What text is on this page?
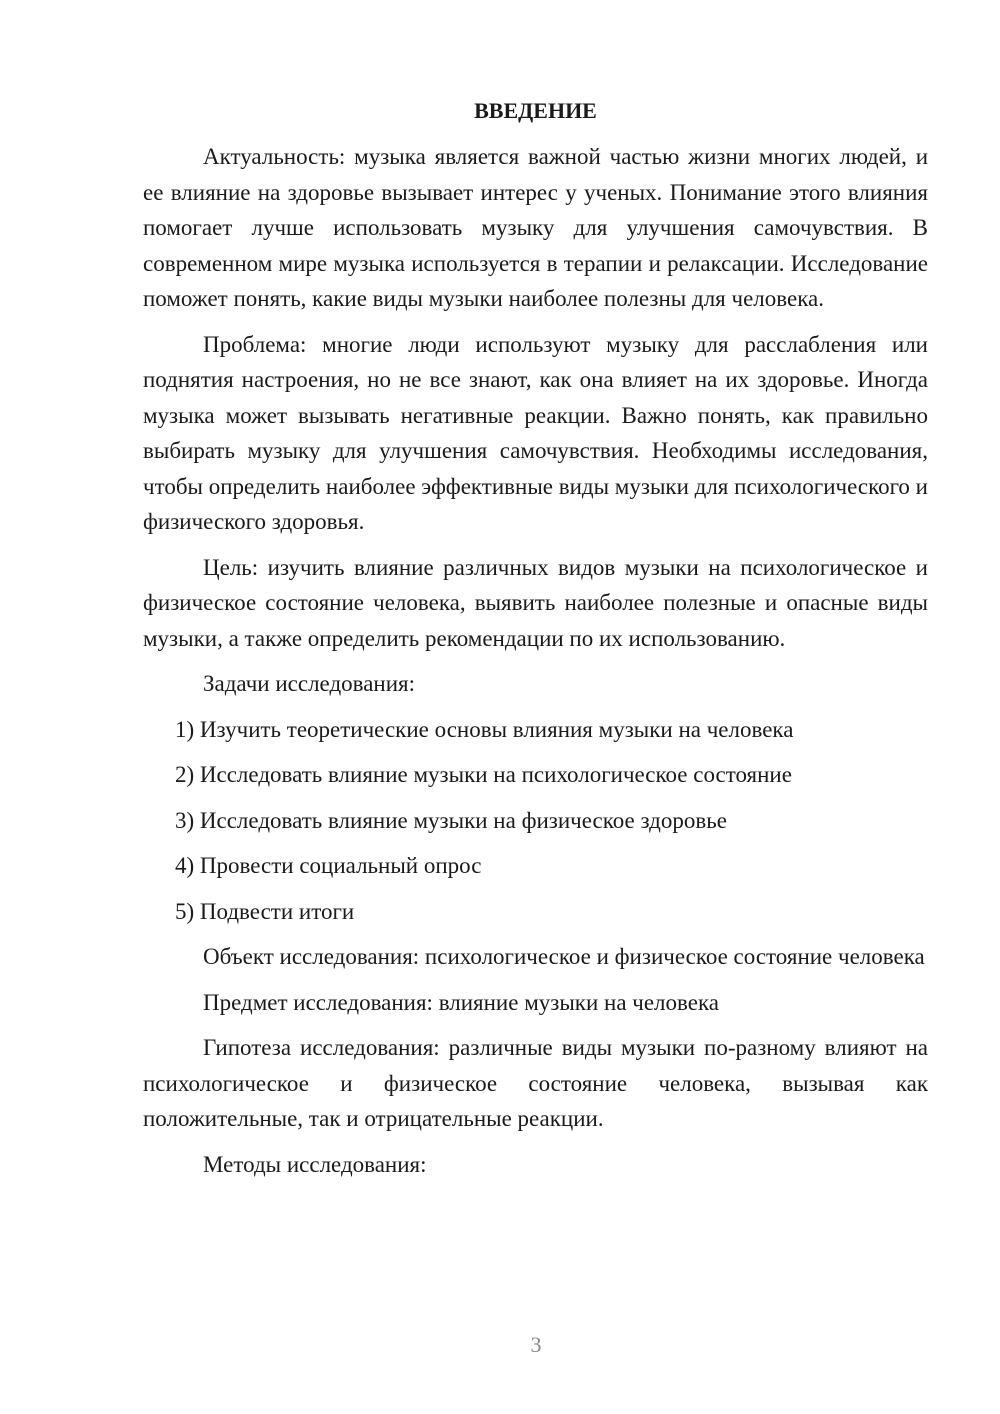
ВВЕДЕНИЕ

Актуальность: музыка является важной частью жизни многих людей, и ее влияние на здоровье вызывает интерес у ученых. Понимание этого влияния помогает лучше использовать музыку для улучшения самочувствия. В современном мире музыка используется в терапии и релаксации. Исследование поможет понять, какие виды музыки наиболее полезны для человека.

Проблема: многие люди используют музыку для расслабления или поднятия настроения, но не все знают, как она влияет на их здоровье. Иногда музыка может вызывать негативные реакции. Важно понять, как правильно выбирать музыку для улучшения самочувствия. Необходимы исследования, чтобы определить наиболее эффективные виды музыки для психологического и физического здоровья.

Цель: изучить влияние различных видов музыки на психологическое и физическое состояние человека, выявить наиболее полезные и опасные виды музыки, а также определить рекомендации по их использованию.

Задачи исследования:

1) Изучить теоретические основы влияния музыки на человека
2) Исследовать влияние музыки на психологическое состояние
3) Исследовать влияние музыки на физическое здоровье
4) Провести социальный опрос
5) Подвести итоги

Объект исследования: психологическое и физическое состояние человека

Предмет исследования: влияние музыки на человека

Гипотеза исследования: различные виды музыки по-разному влияют на психологическое и физическое состояние человека, вызывая как положительные, так и отрицательные реакции.

Методы исследования:

3
